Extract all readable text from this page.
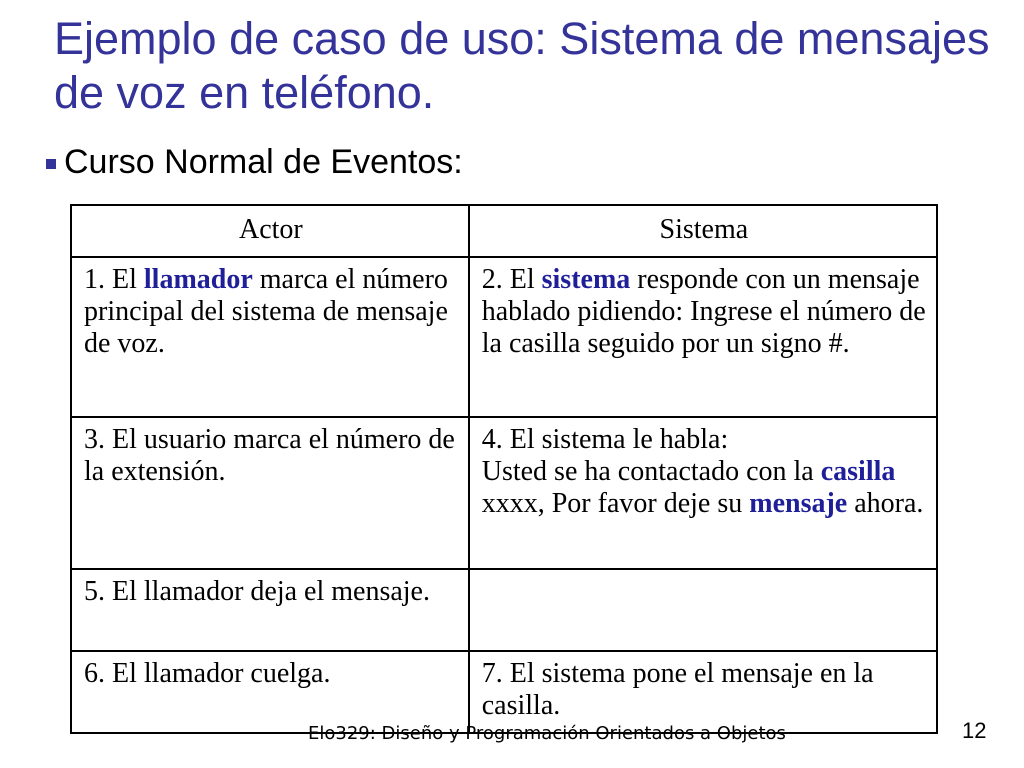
Ejemplo de caso de uso: Sistema de mensajes de voz en teléfono.
Curso Normal de Eventos:
Actor	Sistema
1. El llamador marca el número principal del sistema de mensaje de voz.	2. El sistema responde con un mensaje hablado pidiendo: Ingrese el número de la casilla seguido por un signo #.
3. El usuario marca el número de la extensión.	4. El sistema le habla:
Usted se ha contactado con la casilla xxxx, Por favor deje su mensaje ahora.
5. El llamador deja el mensaje.	
6. El llamador cuelga.	7. El sistema pone el mensaje en la casilla.
Elo329: Diseño y Programación Orientados a Objetos	12
